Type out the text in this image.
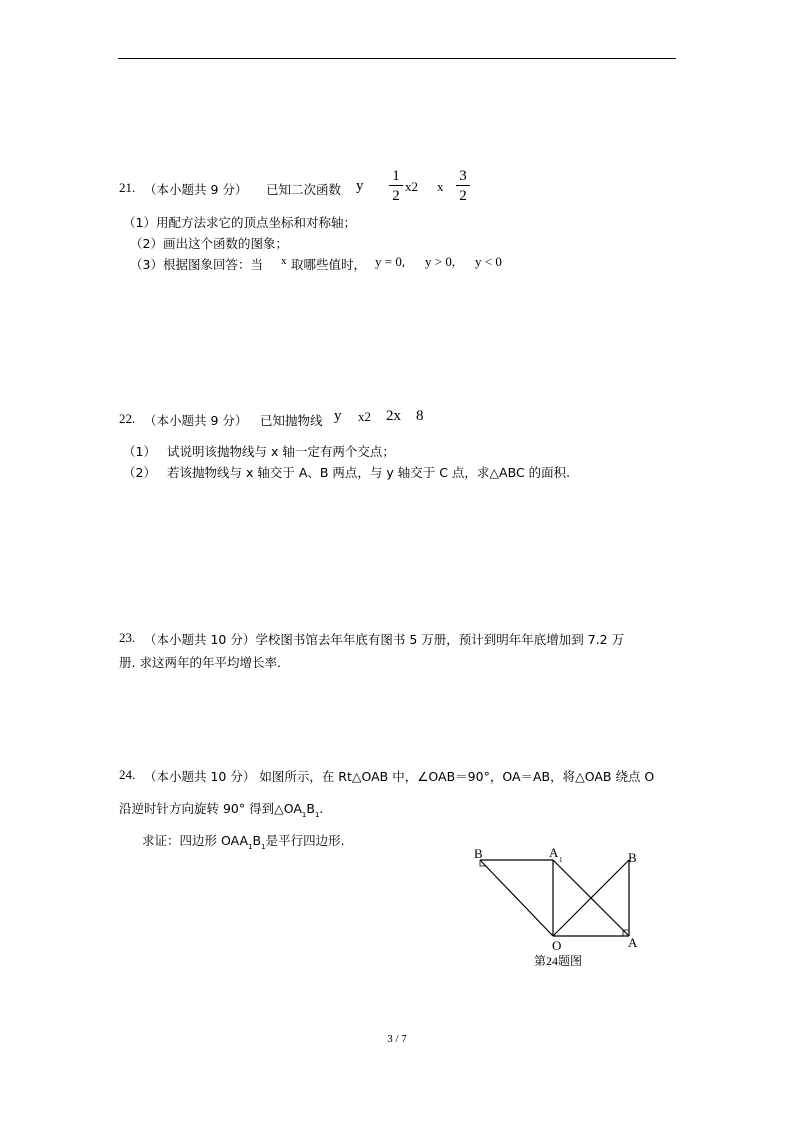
21. （本小题共 9 分） 已知二次函数 y
1
2
x2 x
3
2
（1）用配方法求它的顶点坐标和对称轴；
（2）画出这个函数的图象；
（3）根据图象回答：当 x 取哪些值时， y = 0, y > 0, y < 0
22. （本小题共 9 分） 已知抛物线 y x2 2x 8
（1） 试说明该抛物线与 x 轴一定有两个交点；
（2） 若该抛物线与 x 轴交于 A、B 两点，与 y 轴交于 C 点，求△ABC 的面积.
23. （本小题共 10 分）学校图书馆去年年底有图书 5 万册，预计到明年年底增加到 7.2 万
册. 求这两年的年平均增长率.
24. （本小题共 10 分） 如图所示，在 Rt△OAB 中，∠OAB＝90°，OA＝AB，将△OAB 绕点 O
沿逆时针方向旋转 90° 得到$\triangle OA_1B_1$.
求证：四边形 $OAA_1B_1$是平行四边形.
B	A 1	B
O	A
第24题图
3 / 7
